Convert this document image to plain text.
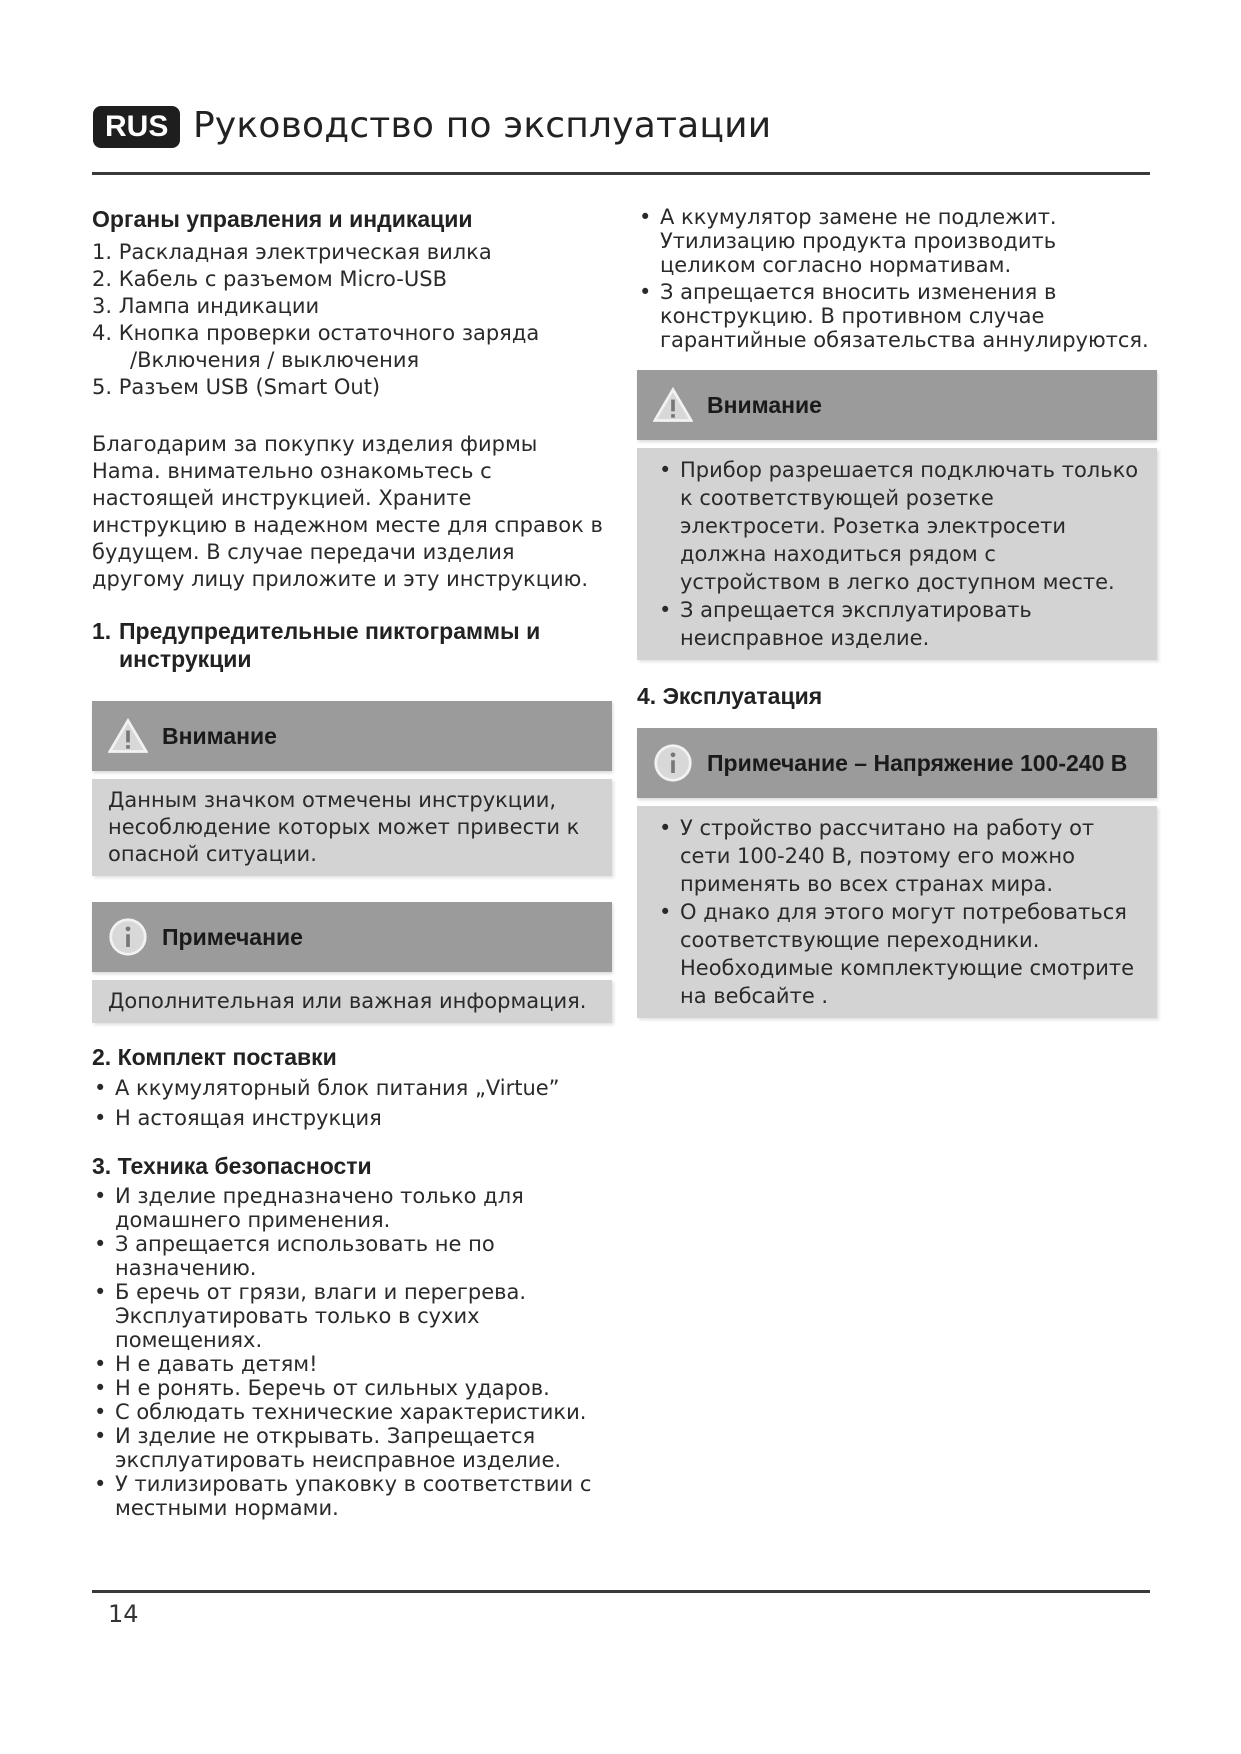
RUS Руководство по эксплуатации
Органы управления и индикации
1. Раскладная электрическая вилка
2. Кабель с разъемом Micro-USB
3. Лампа индикации
4. Кнопка проверки остаточного заряда
/Включения / выключения
5. Разъем USB (Smart Out)

Благодарим за покупку изделия фирмы Hama. внимательно ознакомьтесь с настоящей инструкцией. Храните инструкцию в надежном месте для справок в будущем. В случае передачи изделия другому лицу приложите и эту инструкцию.

1. Предупредительные пиктограммы и инструкции
Внимание
Данным значком отмечены инструкции, несоблюдение которых может привести к опасной ситуации.
Примечание
Дополнительная или важная информация.
2. Комплект поставки
• А ккумуляторный блок питания „Virtue”
• Н астоящая инструкция
3. Техника безопасности
• И зделие предназначено только для домашнего применения.
• З апрещается использовать не по назначению.
• Б еречь от грязи, влаги и перегрева. Эксплуатировать только в сухих помещениях.
• Н е давать детям!
• Н е ронять. Беречь от сильных ударов.
• С облюдать технические характеристики.
• И зделие не открывать. Запрещается эксплуатировать неисправное изделие.
• У тилизировать упаковку в соответствии с местными нормами.
• А ккумулятор замене не подлежит. Утилизацию продукта производить целиком согласно нормативам.
• З апрещается вносить изменения в конструкцию. В противном случае гарантийные обязательства аннулируются.
Внимание
• Прибор разрешается подключать только к соответствующей розетке электросети. Розетка электросети должна находиться рядом с устройством в легко доступном месте.
• З апрещается эксплуатировать неисправное изделие.
4. Эксплуатация
Примечание – Напряжение 100-240 В
• У стройство рассчитано на работу от сети 100-240 В, поэтому его можно применять во всех странах мира.
• О днако для этого могут потребоваться соответствующие переходники. Необходимые комплектующие смотрите на вебсайте .
14
